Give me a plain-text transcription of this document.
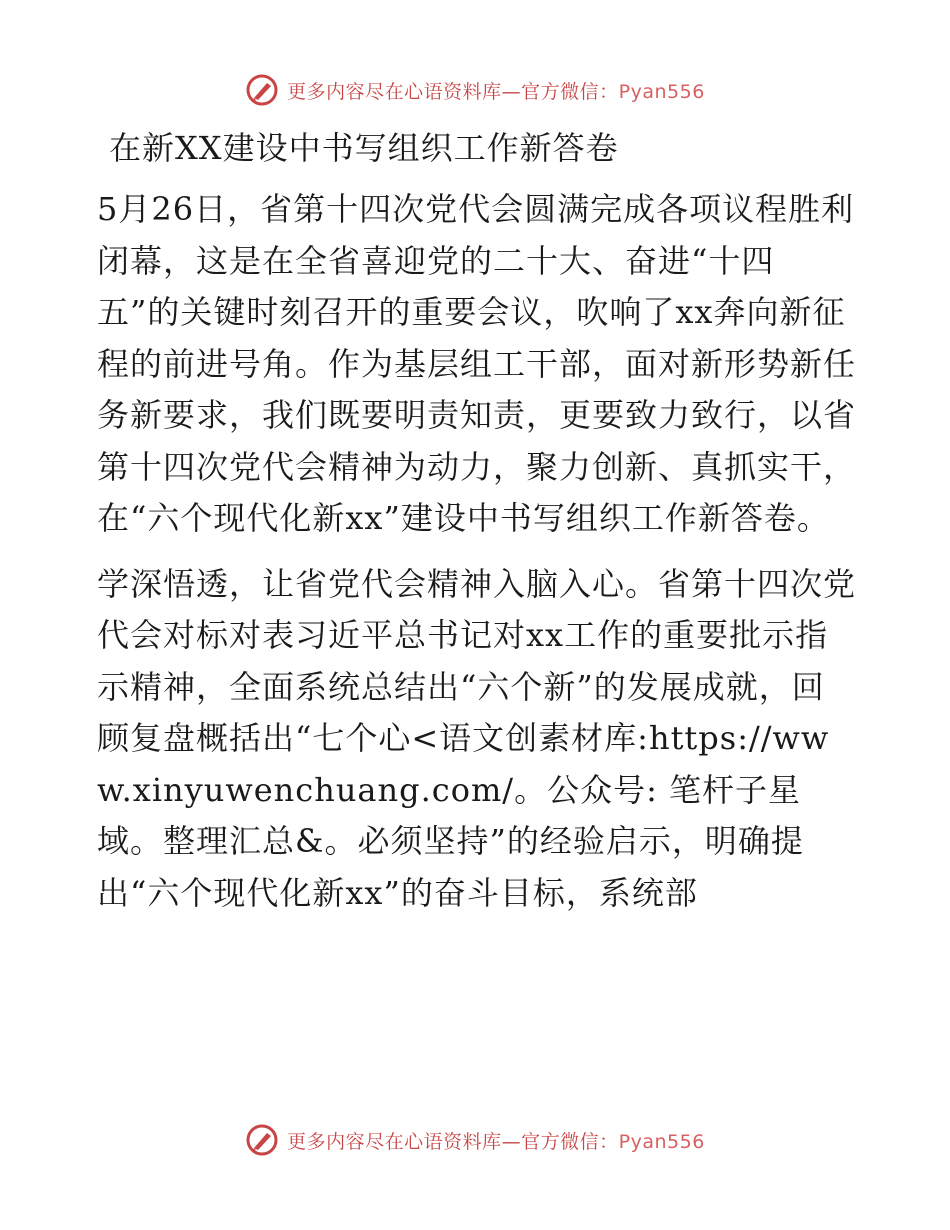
更多内容尽在心语资料库—官方微信：Pyan556
在新XX建设中书写组织工作新答卷

5月26日，省第十四次党代会圆满完成各项议程胜利闭幕，这是在全省喜迎党的二十大、奋进“十四五”的关键时刻召开的重要会议，吹响了xx奔向新征程的前进号角。作为基层组工干部，面对新形势新任务新要求，我们既要明责知责，更要致力致行，以省第十四次党代会精神为动力，聚力创新、真抓实干，在“六个现代化新xx”建设中书写组织工作新答卷。

学深悟透，让省党代会精神入脑入心。省第十四次党代会对标对表习近平总书记对xx工作的重要批示指示精神，全面系统总结出“六个新”的发展成就，回顾复盘概括出“七个心<语文创素材库:https://www.xinyuwenchuang.com/。公众号: 笔杆子星域。整理汇总&。必须坚持”的经验启示，明确提出“六个现代化新xx”的奋斗目标，系统部

更多内容尽在心语资料库—官方微信：Pyan556
